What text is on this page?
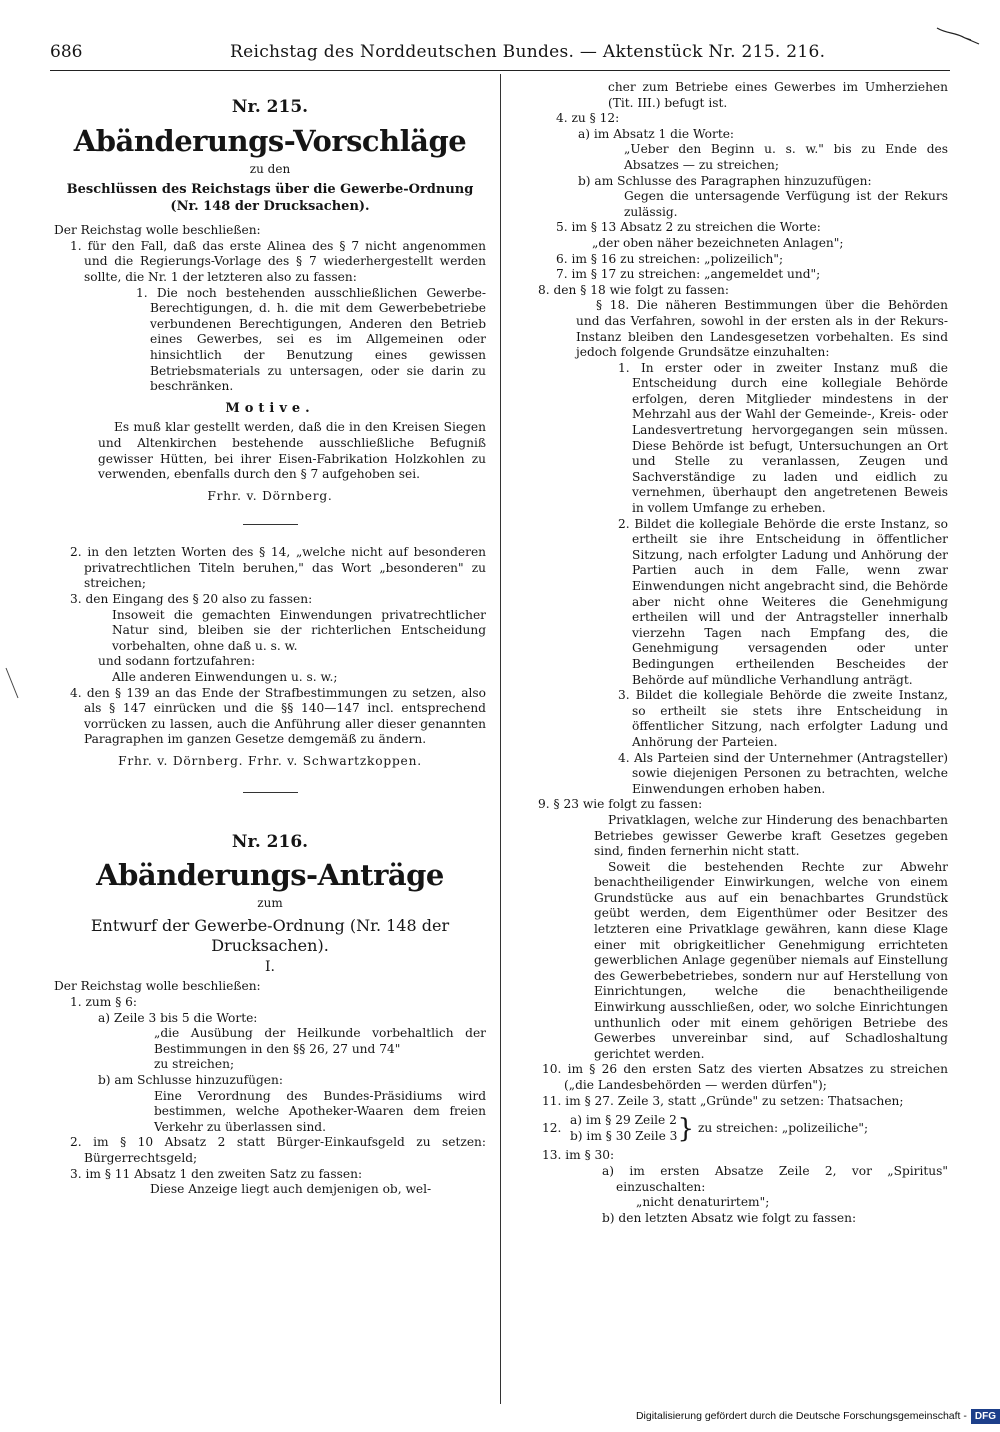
686	Reichstag des Norddeutschen Bundes. — Aktenstück Nr. 215. 216.
Nr. 215.
Abänderungs-Vorschläge
zu den
Beschlüssen des Reichstags über die Gewerbe-Ordnung (Nr. 148 der Drucksachen).

Der Reichstag wolle beschließen:

1. für den Fall, daß das erste Alinea des § 7 nicht angenommen und die Regierungs-Vorlage des § 7 wiederhergestellt werden sollte, die Nr. 1 der letzteren also zu fassen:

1. Die noch bestehenden ausschließlichen Gewerbe-Berechtigungen, d. h. die mit dem Gewerbebetriebe verbundenen Berechtigungen, Anderen den Betrieb eines Gewerbes, sei es im Allgemeinen oder hinsichtlich der Benutzung eines gewissen Betriebsmaterials zu untersagen, oder sie darin zu beschränken.

Motive.

Es muß klar gestellt werden, daß die in den Kreisen Siegen und Altenkirchen bestehende ausschließliche Befugniß gewisser Hütten, bei ihrer Eisen-Fabrikation Holzkohlen zu verwenden, ebenfalls durch den § 7 aufgehoben sei.

Frhr. v. Dörnberg.

2. in den letzten Worten des § 14, „welche nicht auf besonderen privatrechtlichen Titeln beruhen," das Wort „besonderen" zu streichen;

3. den Eingang des § 20 also zu fassen:

Insoweit die gemachten Einwendungen privatrechtlicher Natur sind, bleiben sie der richterlichen Entscheidung vorbehalten, ohne daß u. s. w.

und sodann fortzufahren:

Alle anderen Einwendungen u. s. w.;

4. den § 139 an das Ende der Strafbestimmungen zu setzen, also als § 147 einrücken und die §§ 140—147 incl. entsprechend vorrücken zu lassen, auch die Anführung aller dieser genannten Paragraphen im ganzen Gesetze demgemäß zu ändern.

Frhr. v. Dörnberg. Frhr. v. Schwartzkoppen.
Nr. 216.
Abänderungs-Anträge
zum
Entwurf der Gewerbe-Ordnung (Nr. 148 der Drucksachen).
I.

Der Reichstag wolle beschließen:

1. zum § 6:

a) Zeile 3 bis 5 die Worte:

„die Ausübung der Heilkunde vorbehaltlich der Bestimmungen in den §§ 26, 27 und 74"

zu streichen;

b) am Schlusse hinzuzufügen:

Eine Verordnung des Bundes-Präsidiums wird bestimmen, welche Apotheker-Waaren dem freien Verkehr zu überlassen sind.

2. im § 10 Absatz 2 statt Bürger-Einkaufsgeld zu setzen: Bürgerrechtsgeld;

3. im § 11 Absatz 1 den zweiten Satz zu fassen:

Diese Anzeige liegt auch demjenigen ob, wel-

cher zum Betriebe eines Gewerbes im Umherziehen (Tit. III.) befugt ist.

4. zu § 12:

a) im Absatz 1 die Worte:

„Ueber den Beginn u. s. w." bis zu Ende des Absatzes — zu streichen;

b) am Schlusse des Paragraphen hinzuzufügen:

Gegen die untersagende Verfügung ist der Rekurs zulässig.

5. im § 13 Absatz 2 zu streichen die Worte:

„der oben näher bezeichneten Anlagen";

6. im § 16 zu streichen: „polizeilich";

7. im § 17 zu streichen: „angemeldet und";

8. den § 18 wie folgt zu fassen:

§ 18. Die näheren Bestimmungen über die Behörden und das Verfahren, sowohl in der ersten als in der Rekurs-Instanz bleiben den Landesgesetzen vorbehalten. Es sind jedoch folgende Grundsätze einzuhalten:

1. In erster oder in zweiter Instanz muß die Entscheidung durch eine kollegiale Behörde erfolgen, deren Mitglieder mindestens in der Mehrzahl aus der Wahl der Gemeinde-, Kreis- oder Landesvertretung hervorgegangen sein müssen. Diese Behörde ist befugt, Untersuchungen an Ort und Stelle zu veranlassen, Zeugen und Sachverständige zu laden und eidlich zu vernehmen, überhaupt den angetretenen Beweis in vollem Umfange zu erheben.

2. Bildet die kollegiale Behörde die erste Instanz, so ertheilt sie ihre Entscheidung in öffentlicher Sitzung, nach erfolgter Ladung und Anhörung der Partien auch in dem Falle, wenn zwar Einwendungen nicht angebracht sind, die Behörde aber nicht ohne Weiteres die Genehmigung ertheilen will und der Antragsteller innerhalb vierzehn Tagen nach Empfang des, die Genehmigung versagenden oder unter Bedingungen ertheilenden Bescheides der Behörde auf mündliche Verhandlung anträgt.

3. Bildet die kollegiale Behörde die zweite Instanz, so ertheilt sie stets ihre Entscheidung in öffentlicher Sitzung, nach erfolgter Ladung und Anhörung der Parteien.

4. Als Parteien sind der Unternehmer (Antragsteller) sowie diejenigen Personen zu betrachten, welche Einwendungen erhoben haben.

9. § 23 wie folgt zu fassen:

Privatklagen, welche zur Hinderung des benachbarten Betriebes gewisser Gewerbe kraft Gesetzes gegeben sind, finden fernerhin nicht statt.

Soweit die bestehenden Rechte zur Abwehr benachtheiligender Einwirkungen, welche von einem Grundstücke aus auf ein benachbartes Grundstück geübt werden, dem Eigenthümer oder Besitzer des letzteren eine Privatklage gewähren, kann diese Klage einer mit obrigkeitlicher Genehmigung errichteten gewerblichen Anlage gegenüber niemals auf Einstellung des Gewerbebetriebes, sondern nur auf Herstellung von Einrichtungen, welche die benachtheiligende Einwirkung ausschließen, oder, wo solche Einrichtungen unthunlich oder mit einem gehörigen Betriebe des Gewerbes unvereinbar sind, auf Schadloshaltung gerichtet werden.

10. im § 26 den ersten Satz des vierten Absatzes zu streichen („die Landesbehörden — werden dürfen");

11. im § 27. Zeile 3, statt „Gründe" zu setzen: Thatsachen;

12.
a) im § 29 Zeile 2
b) im § 30 Zeile 3 } zu streichen: „polizeiliche";

13. im § 30:

a) im ersten Absatze Zeile 2, vor „Spiritus" einzuschalten:

„nicht denaturirtem";

b) den letzten Absatz wie folgt zu fassen:

Digitalisierung gefördert durch die Deutsche Forschungsgemeinschaft - DFG
